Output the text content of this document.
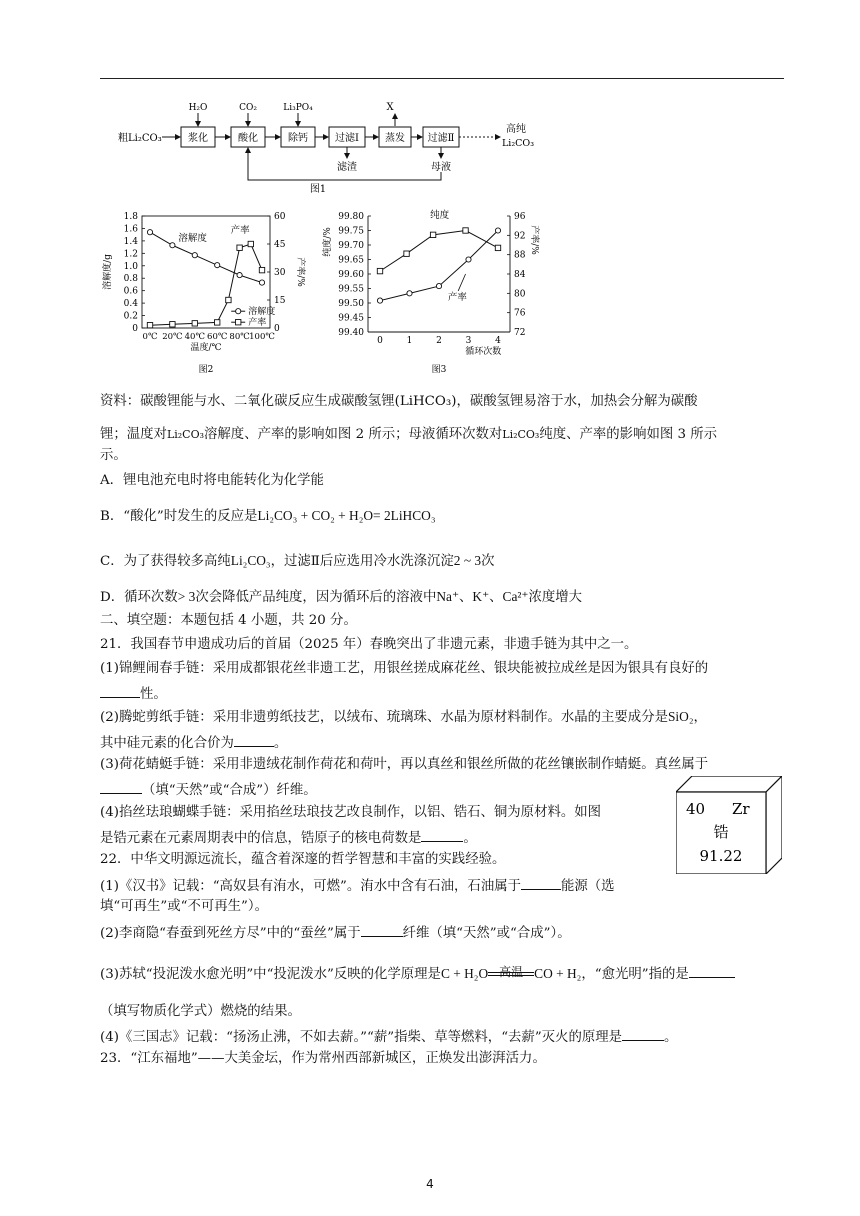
粗Li₂CO₃	浆化	酸化	除钙	过滤Ⅰ	蒸发 过滤Ⅱ
高纯
Li₂CO₃
H₂O	CO₂	Li₃PO₄	X
滤渣	母液
图1
0
0.2
0.4
0.6
0.8
1.0
1.2
1.4
1.6
1.8
0
15
30
45
60
0℃ 20℃ 40℃ 60℃ 80℃ 100℃
温度/℃
溶解度/g	产率/%
溶解度
产率
溶解度
产率
图2
99.40
99.45
99.50
99.55
99.60
99.65
99.70
99.75
99.80
72
76
80
84
88
92
96
0	1	2	3	4
循环次数
纯度/%	产率/%
纯度
产率
图3
资料：碳酸锂能与水、二氧化碳反应生成碳酸氢锂(LiHCO₃)，碳酸氢锂易溶于水，加热会分解为碳酸
锂；温度对Li₂CO₃溶解度、产率的影响如图 2 所示；母液循环次数对Li₂CO₃纯度、产率的影响如图 3 所示
示。
A．锂电池充电时将电能转化为化学能
B．“酸化”时发生的反应是Li₂CO₃ + CO₂ + H₂O= 2LiHCO₃
C．为了获得较多高纯Li₂CO₃，过滤Ⅱ后应选用冷水洗涤沉淀2 ~ 3次
D．循环次数> 3次会降低产品纯度，因为循环后的溶液中Na⁺、K⁺、Ca²⁺浓度增大
二、填空题：本题包括 4 小题，共 20 分。
21．我国春节申遗成功后的首届（2025 年）春晚突出了非遗元素，非遗手链为其中之一。
(1)锦鲤闹春手链：采用成都银花丝非遗工艺，用银丝搓成麻花丝、银块能被拉成丝是因为银具有良好的
性。
(2)腾蛇剪纸手链：采用非遗剪纸技艺，以绒布、琉璃珠、水晶为原材料制作。水晶的主要成分是SiO₂，
其中硅元素的化合价为	。
(3)荷花蜻蜓手链：采用非遗绒花制作荷花和荷叶，再以真丝和银丝所做的花丝镶嵌制作蜻蜓。真丝属于
（填“天然”或“合成”）纤维。
(4)掐丝珐琅蝴蝶手链：采用掐丝珐琅技艺改良制作，以铝、锆石、铜为原材料。如图
是锆元素在元素周期表中的信息，锆原子的核电荷数是	。
40 Zr
锆
91.22
22．中华文明源远流长，蕴含着深邃的哲学智慧和丰富的实践经验。
(1)《汉书》记载：“高奴县有洧水，可燃”。洧水中含有石油，石油属于	能源（选
填“可再生”或“不可再生”）。
(2)李商隐“春蚕到死丝方尽”中的“蚕丝”属于	纤维（填“天然”或“合成”）。
(3)苏轼“投泥泼水愈光明”中“投泥泼水”反映的化学原理是C + H₂O 高温 CO + H₂，“愈光明”指的是
（填写物质化学式）燃烧的结果。
(4)《三国志》记载：“扬汤止沸，不如去薪。”“薪”指柴、草等燃料，“去薪”灭火的原理是	。
23．“江东福地”——大美金坛，作为常州西部新城区，正焕发出澎湃活力。
4
